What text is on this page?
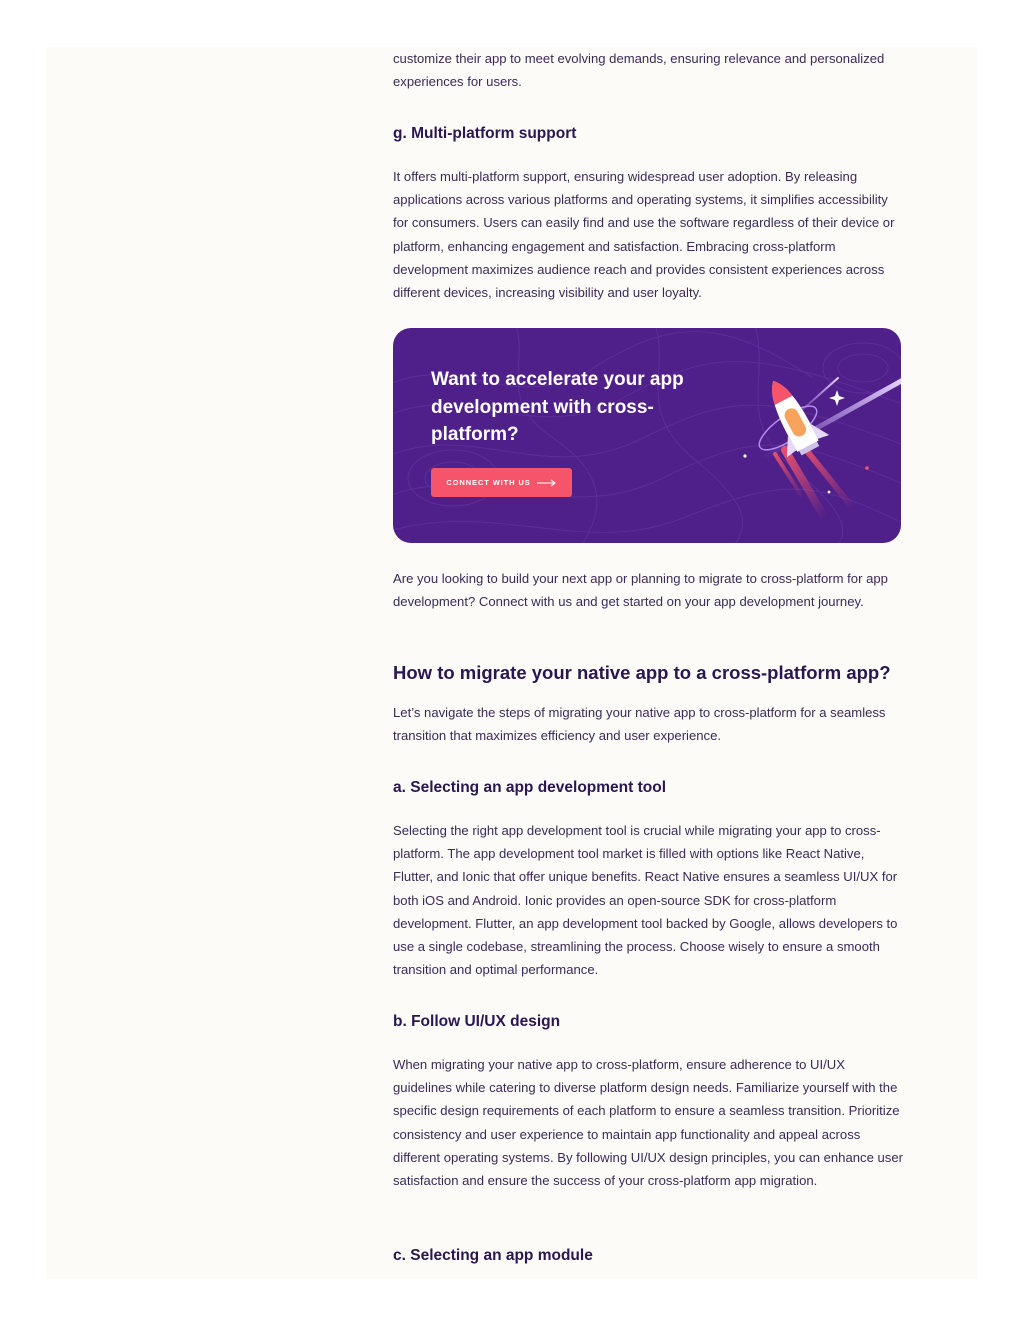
customize their app to meet evolving demands, ensuring relevance and personalized experiences for users.

g. Multi-platform support

It offers multi-platform support, ensuring widespread user adoption. By releasing applications across various platforms and operating systems, it simplifies accessibility for consumers. Users can easily find and use the software regardless of their device or platform, enhancing engagement and satisfaction. Embracing cross-platform development maximizes audience reach and provides consistent experiences across different devices, increasing visibility and user loyalty.

Want to accelerate your app development with cross-platform?
CONNECT WITH US

Are you looking to build your next app or planning to migrate to cross-platform for app development? Connect with us and get started on your app development journey.

How to migrate your native app to a cross-platform app?

Let’s navigate the steps of migrating your native app to cross-platform for a seamless transition that maximizes efficiency and user experience.

a. Selecting an app development tool

Selecting the right app development tool is crucial while migrating your app to cross-platform. The app development tool market is filled with options like React Native, Flutter, and Ionic that offer unique benefits. React Native ensures a seamless UI/UX for both iOS and Android. Ionic provides an open-source SDK for cross-platform development. Flutter, an app development tool backed by Google, allows developers to use a single codebase, streamlining the process. Choose wisely to ensure a smooth transition and optimal performance.

b. Follow UI/UX design

When migrating your native app to cross-platform, ensure adherence to UI/UX guidelines while catering to diverse platform design needs. Familiarize yourself with the specific design requirements of each platform to ensure a seamless transition. Prioritize consistency and user experience to maintain app functionality and appeal across different operating systems. By following UI/UX design principles, you can enhance user satisfaction and ensure the success of your cross-platform app migration.

c. Selecting an app module
